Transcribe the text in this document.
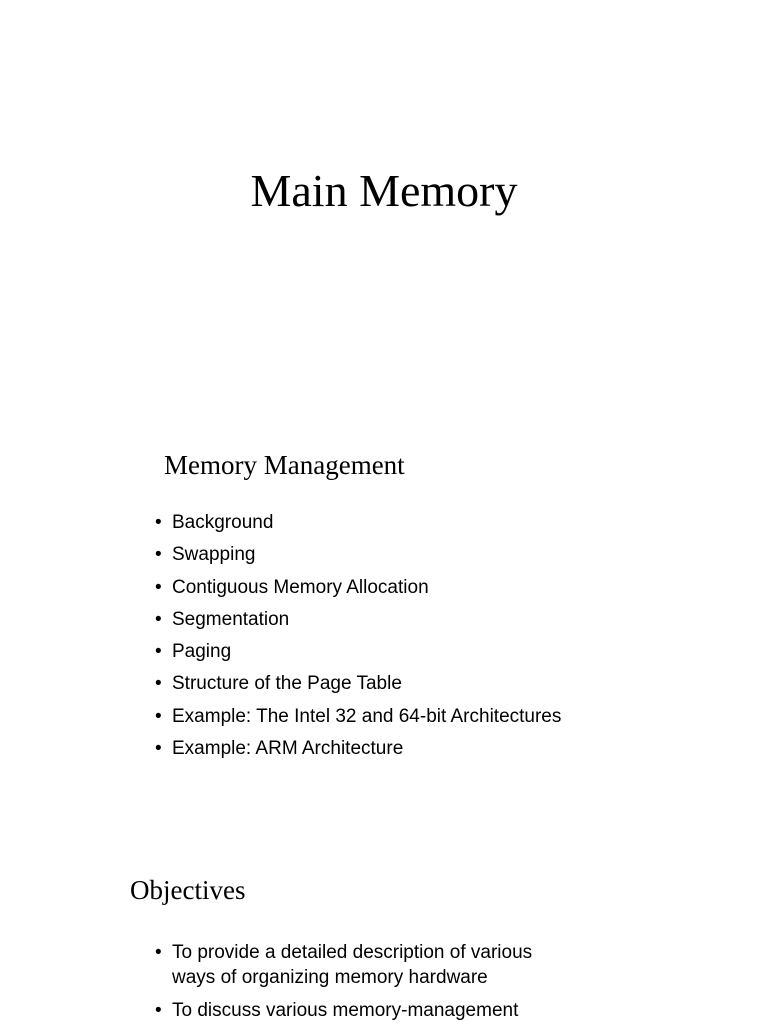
Main Memory
Memory Management
• Background
• Swapping
• Contiguous Memory Allocation
• Segmentation
• Paging
• Structure of the Page Table
• Example: The Intel 32 and 64-bit Architectures
• Example: ARM Architecture
Objectives
• To provide a detailed description of various
ways of organizing memory hardware
• To discuss various memory-management
